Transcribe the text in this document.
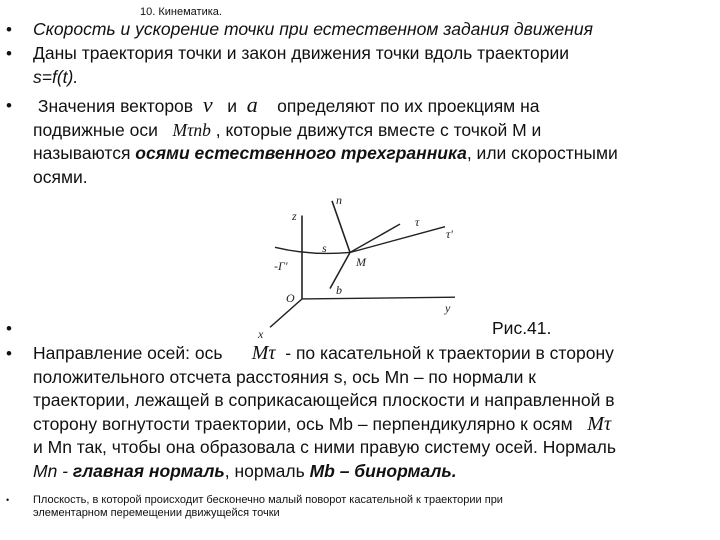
10. Кинематика.
• Скорость и ускорение точки при естественном задания движения
• Даны траектория точки и закон движения точки вдоль траектории
s=f(t).
• Значения векторов v и a определяют по их проекциям на
подвижные оси Mτnb , которые движутся вместе с точкой М и
называются осями естественного трехгранника, или скоростными
осями.
z
n
τ
τ'
s
M
b
O
y
x
-Γ'
•	Рис.41.
• Направление осей: ось Mτ - по касательной к траектории в сторону
положительного отсчета расстояния s, ось Mn – по нормали к
траектории, лежащей в соприкасающейся плоскости и направленной в
сторону вогнутости траектории, ось Mb – перпендикулярно к осям Mτ
и Mn так, чтобы она образовала с ними правую систему осей. Нормаль
Mn - главная нормаль, нормаль Mb – бинормаль.
• Плоскость, в которой происходит бесконечно малый поворот касательной к траектории при элементарном перемещении движущейся точки
